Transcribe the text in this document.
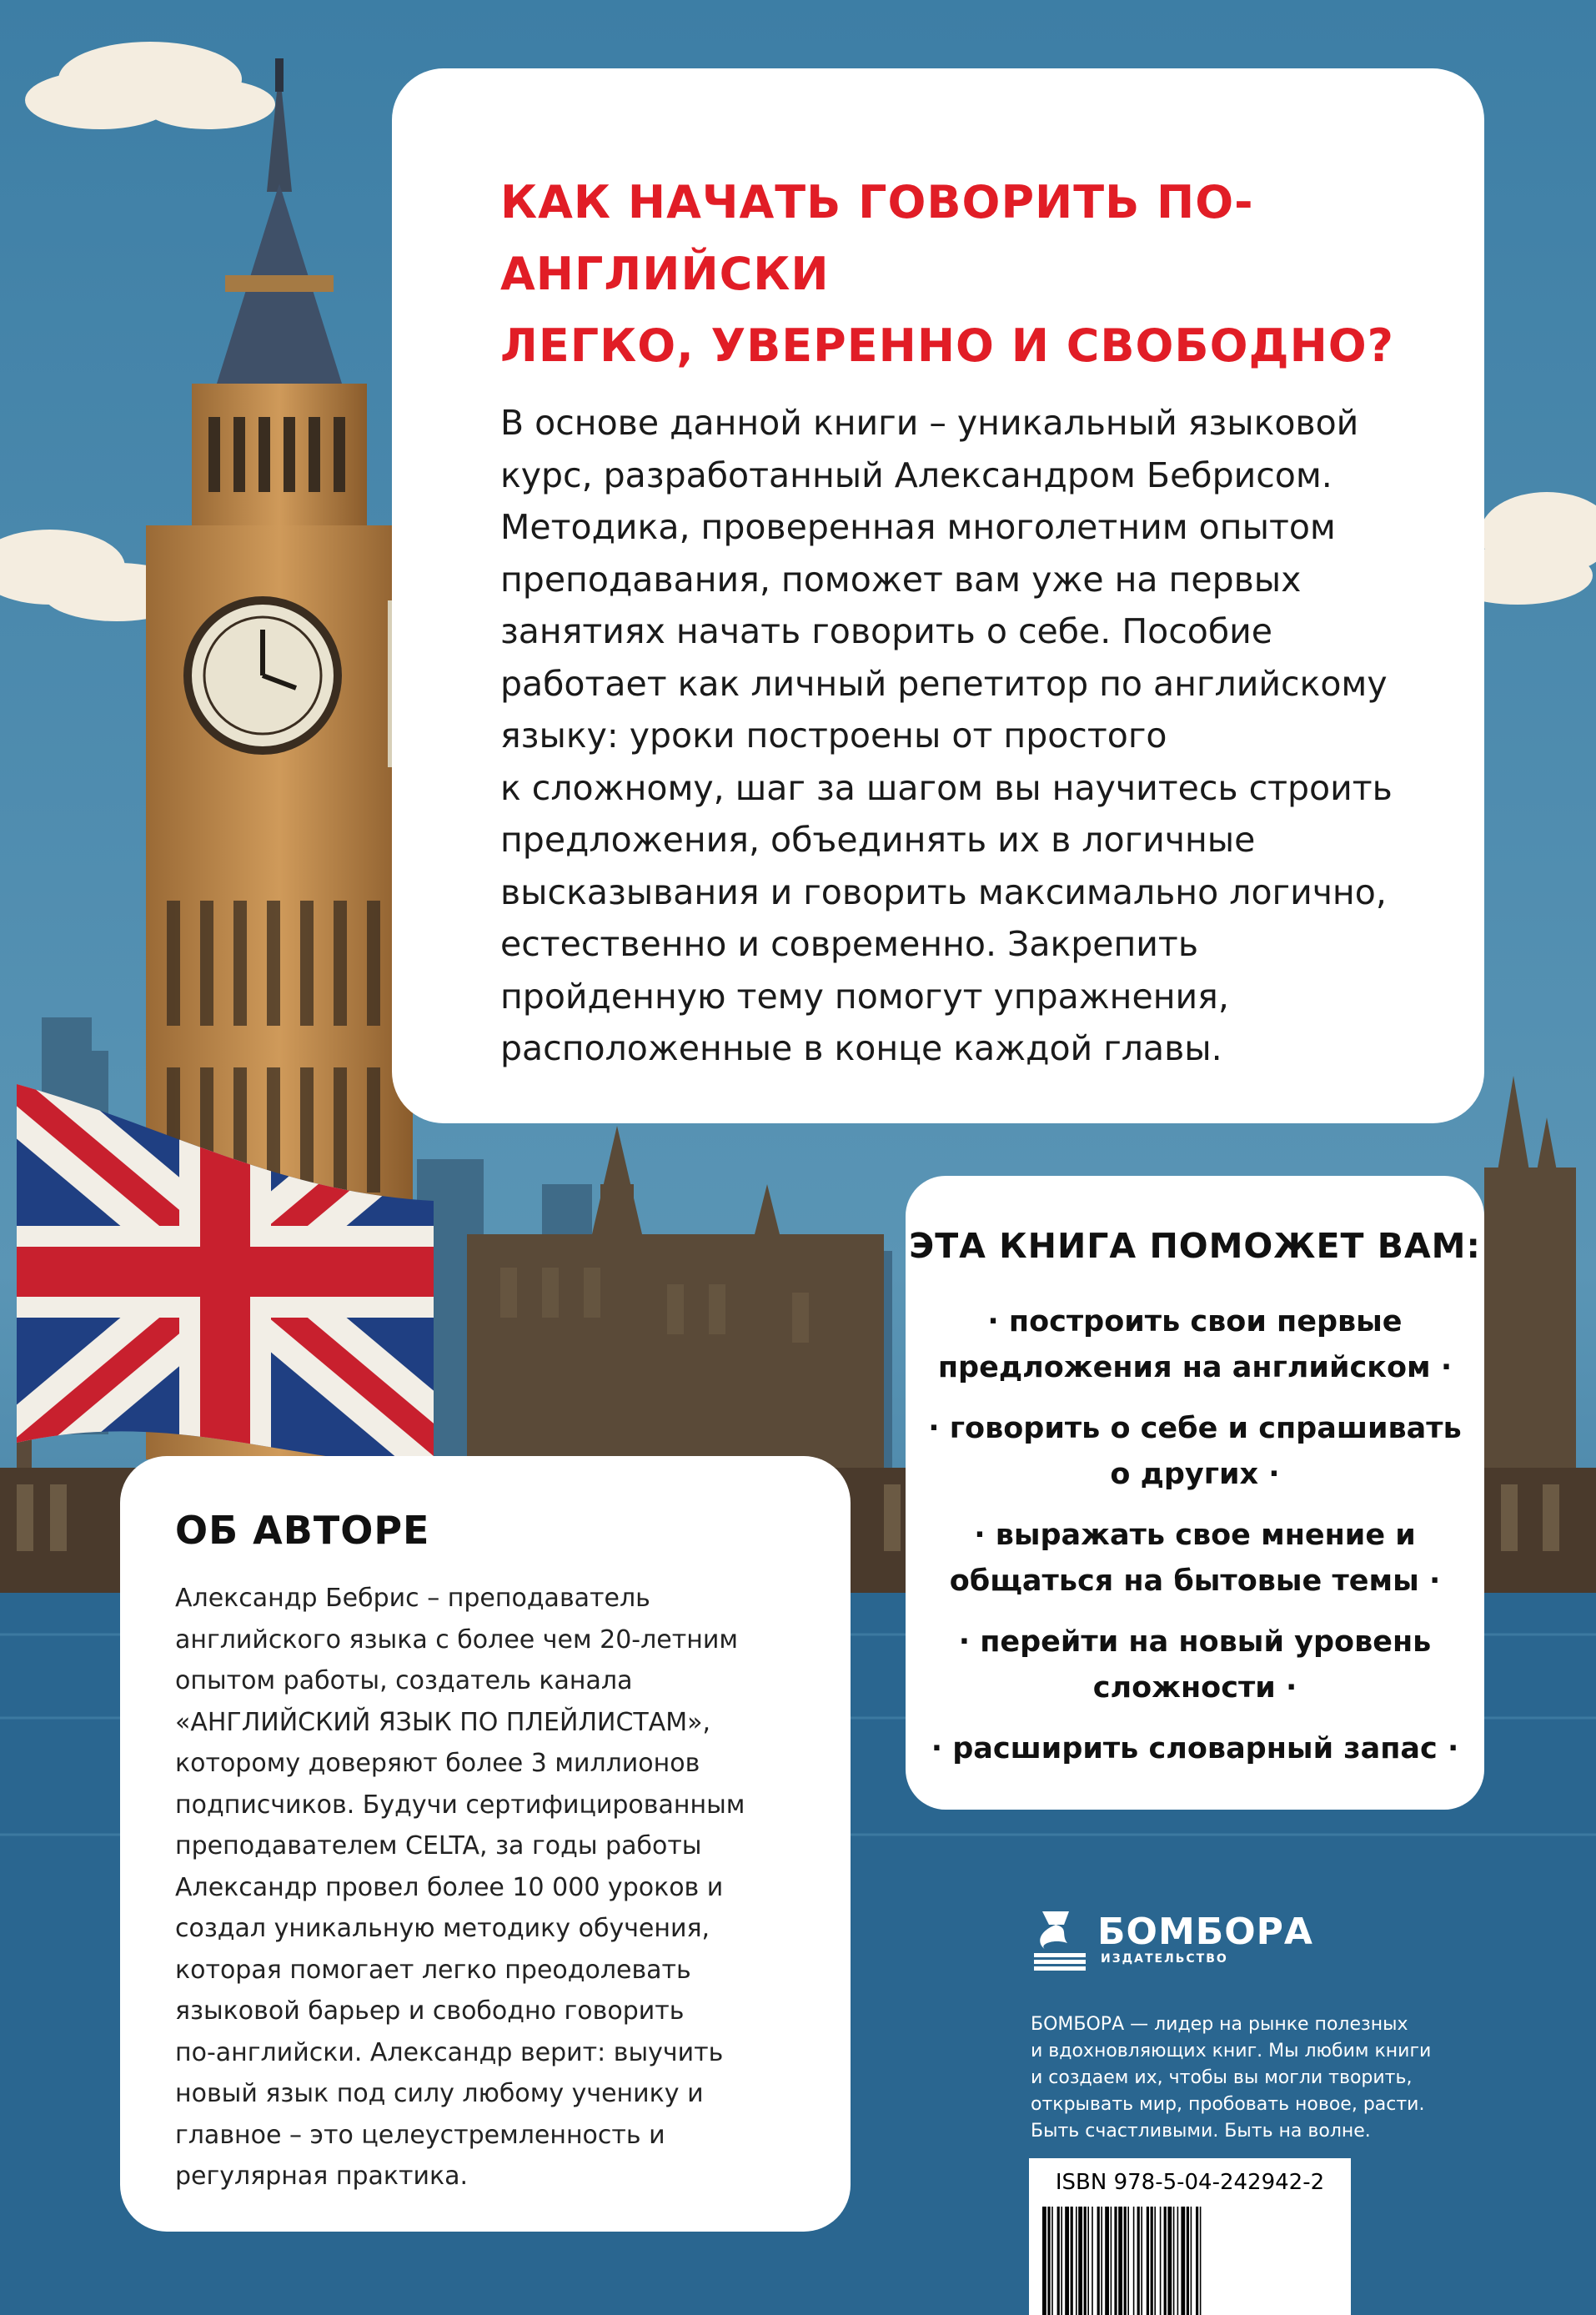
КАК НАЧАТЬ ГОВОРИТЬ ПО-АНГЛИЙСКИ
ЛЕГКО, УВЕРЕННО И СВОБОДНО?
В основе данной книги – уникальный языковой
курс, разработанный Александром Бебрисом.
Методика, проверенная многолетним опытом
преподавания, поможет вам уже на первых
занятиях начать говорить о себе. Пособие
работает как личный репетитор по английскому
языку: уроки построены от простого
к сложному, шаг за шагом вы научитесь строить
предложения, объединять их в логичные
высказывания и говорить максимально логично,
естественно и современно. Закрепить
пройденную тему помогут упражнения,
расположенные в конце каждой главы.
ЭТА КНИГА ПОМОЖЕТ ВАМ:
· построить свои первые
предложения на английском ·
· говорить о себе и спрашивать
о других ·
· выражать свое мнение и
общаться на бытовые темы ·
· перейти на новый уровень
сложности ·
· расширить словарный запас ·
ОБ АВТОРЕ
Александр Бебрис – преподаватель
английского языка с более чем 20-летним
опытом работы, создатель канала
«АНГЛИЙСКИЙ ЯЗЫК ПО ПЛЕЙЛИСТАМ»,
которому доверяют более 3 миллионов
подписчиков. Будучи сертифицированным
преподавателем CELTA, за годы работы
Александр провел более 10 000 уроков и
создал уникальную методику обучения,
которая помогает легко преодолевать
языковой барьер и свободно говорить
по-английски. Александр верит: выучить
новый язык под силу любому ученику и
главное – это целеустремленность и
регулярная практика.
БОМБОРА
ИЗДАТЕЛЬСТВО
БОМБОРА — лидер на рынке полезных
и вдохновляющих книг. Мы любим книги
и создаем их, чтобы вы могли творить,
открывать мир, пробовать новое, расти.
Быть счастливыми. Быть на волне.
ISBN 978-5-04-242942-2
